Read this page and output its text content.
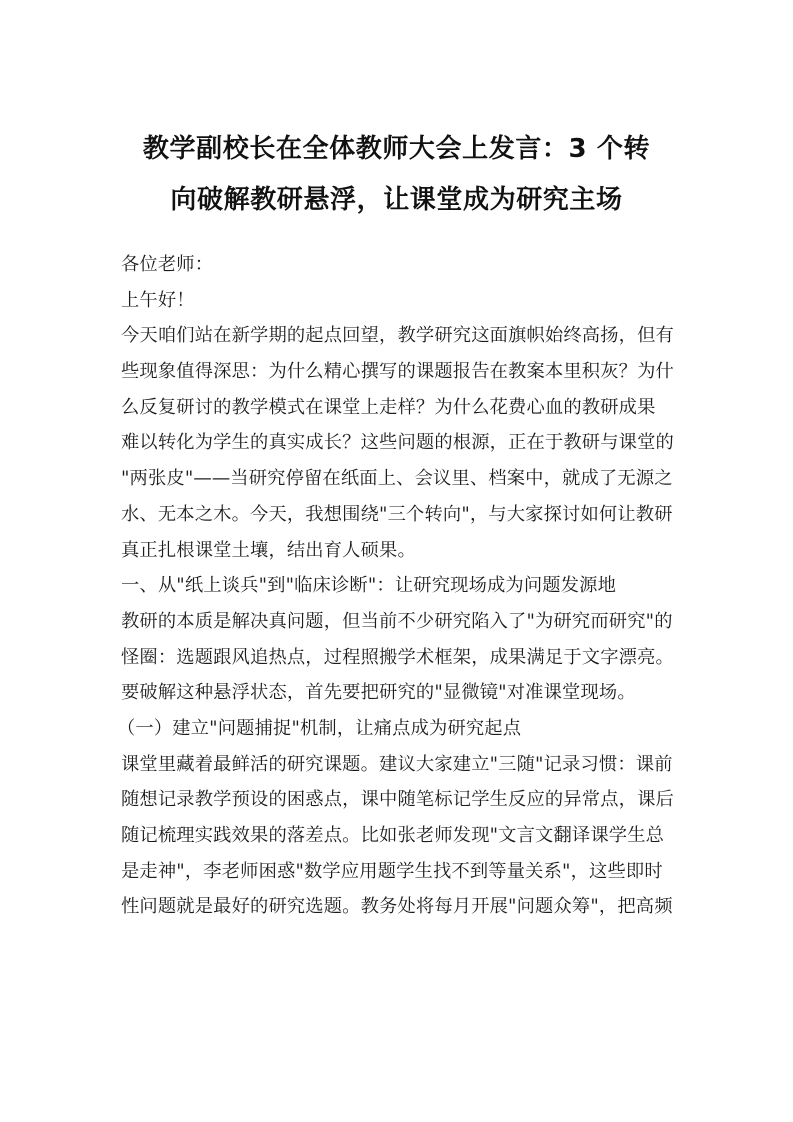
教学副校长在全体教师大会上发言：3 个转
向破解教研悬浮，让课堂成为研究主场
各位老师：
上午好！
今天咱们站在新学期的起点回望，教学研究这面旗帜始终高扬，但有
些现象值得深思：为什么精心撰写的课题报告在教案本里积灰？为什
么反复研讨的教学模式在课堂上走样？为什么花费心血的教研成果
难以转化为学生的真实成长？这些问题的根源，正在于教研与课堂的
"两张皮"——当研究停留在纸面上、会议里、档案中，就成了无源之
水、无本之木。今天，我想围绕"三个转向"，与大家探讨如何让教研
真正扎根课堂土壤，结出育人硕果。
一、从"纸上谈兵"到"临床诊断"：让研究现场成为问题发源地
教研的本质是解决真问题，但当前不少研究陷入了"为研究而研究"的
怪圈：选题跟风追热点，过程照搬学术框架，成果满足于文字漂亮。
要破解这种悬浮状态，首先要把研究的"显微镜"对准课堂现场。
（一）建立"问题捕捉"机制，让痛点成为研究起点
课堂里藏着最鲜活的研究课题。建议大家建立"三随"记录习惯：课前
随想记录教学预设的困惑点，课中随笔标记学生反应的异常点，课后
随记梳理实践效果的落差点。比如张老师发现"文言文翻译课学生总
是走神"，李老师困惑"数学应用题学生找不到等量关系"，这些即时
性问题就是最好的研究选题。教务处将每月开展"问题众筹"，把高频
